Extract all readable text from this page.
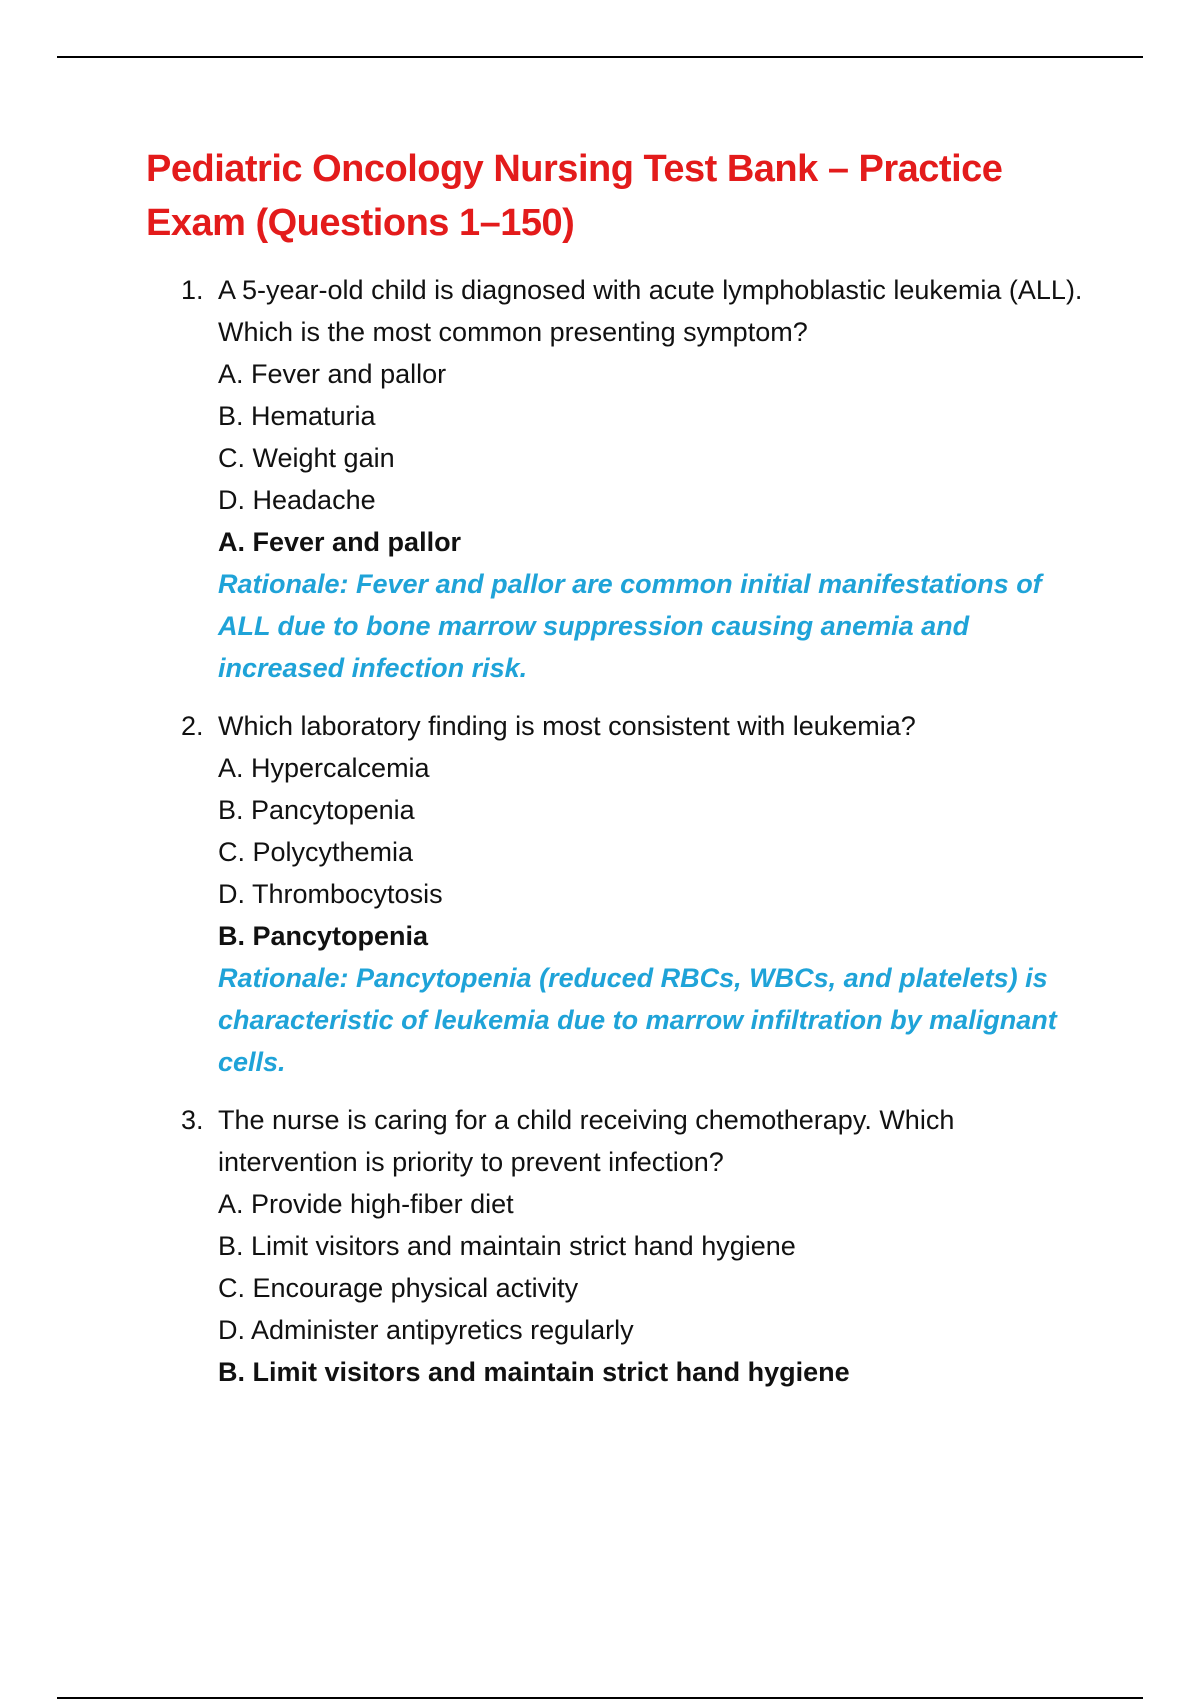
Pediatric Oncology Nursing Test Bank – Practice Exam (Questions 1–150)
1. A 5-year-old child is diagnosed with acute lymphoblastic leukemia (ALL). Which is the most common presenting symptom?
A. Fever and pallor
B. Hematuria
C. Weight gain
D. Headache
A. Fever and pallor
Rationale: Fever and pallor are common initial manifestations of ALL due to bone marrow suppression causing anemia and increased infection risk.
2. Which laboratory finding is most consistent with leukemia?
A. Hypercalcemia
B. Pancytopenia
C. Polycythemia
D. Thrombocytosis
B. Pancytopenia
Rationale: Pancytopenia (reduced RBCs, WBCs, and platelets) is characteristic of leukemia due to marrow infiltration by malignant cells.
3. The nurse is caring for a child receiving chemotherapy. Which intervention is priority to prevent infection?
A. Provide high-fiber diet
B. Limit visitors and maintain strict hand hygiene
C. Encourage physical activity
D. Administer antipyretics regularly
B. Limit visitors and maintain strict hand hygiene
